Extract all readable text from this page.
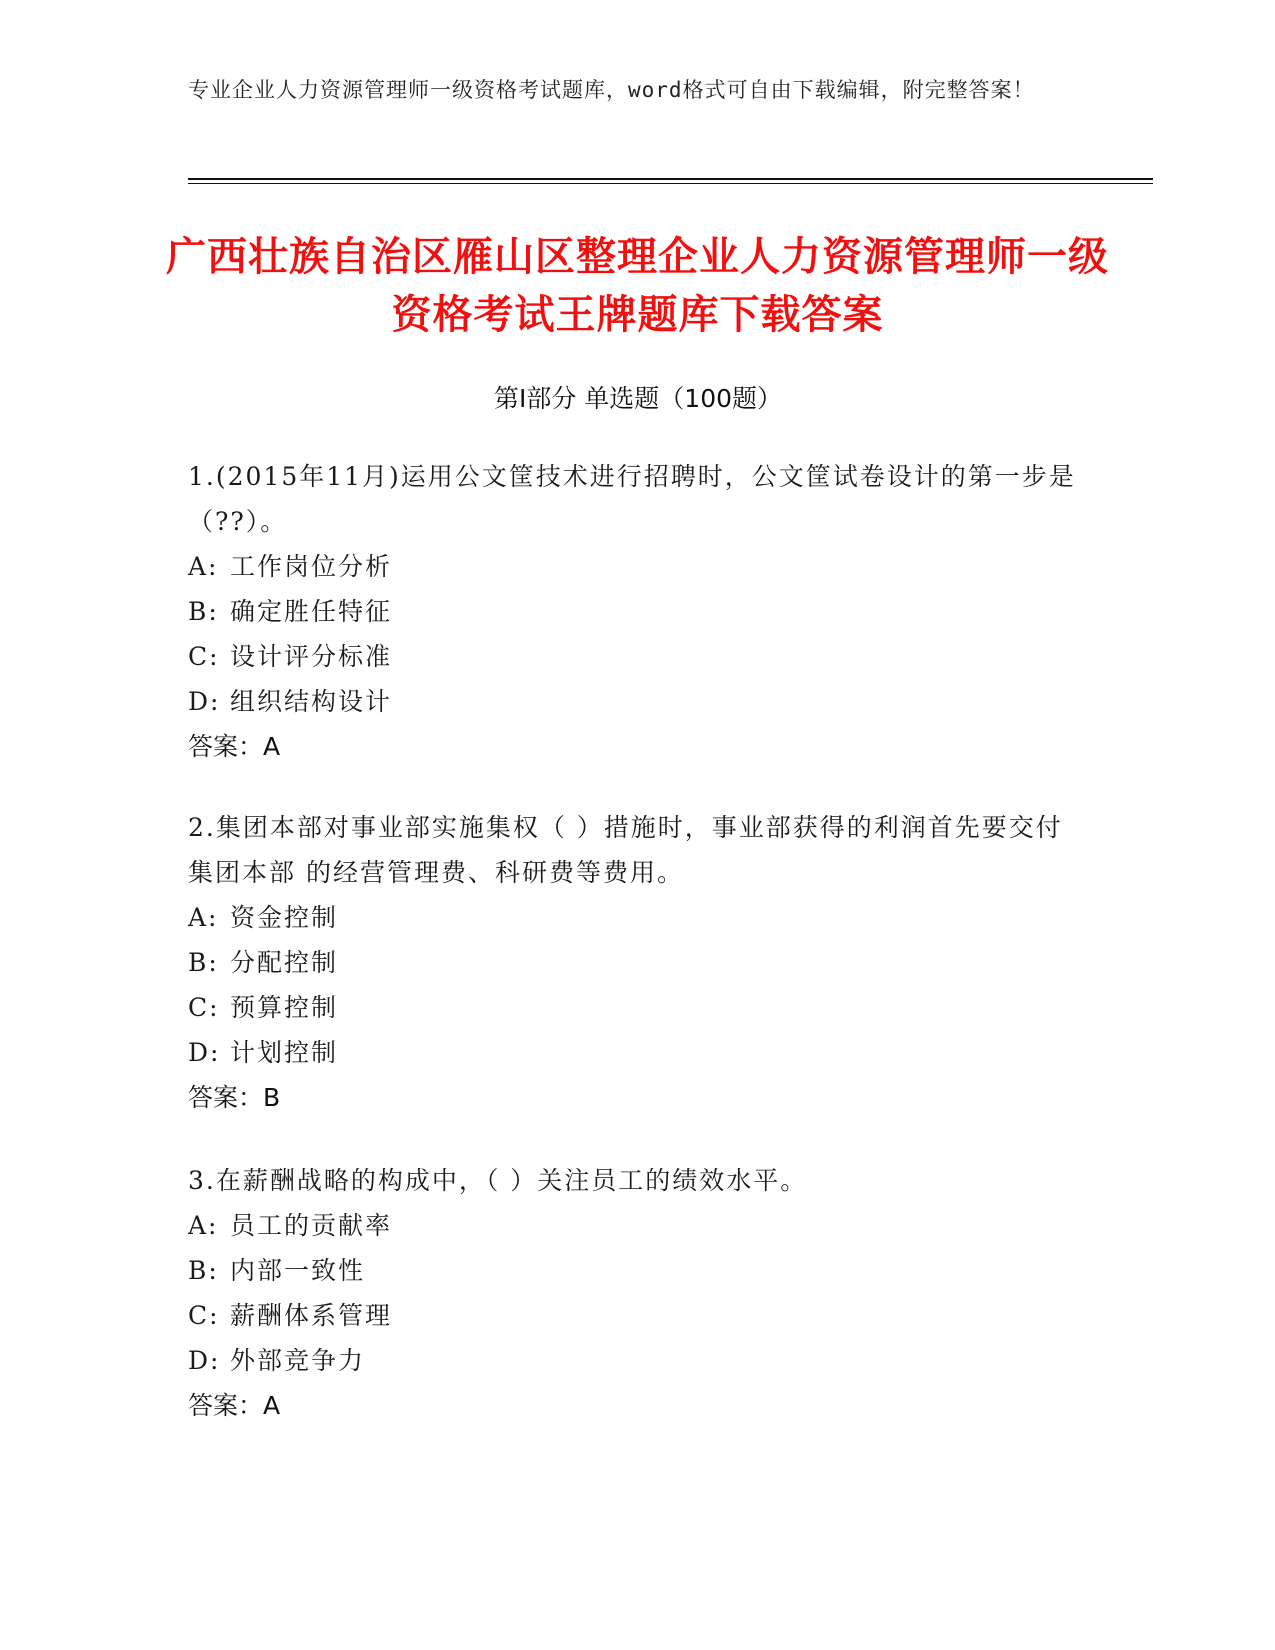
专业企业人力资源管理师一级资格考试题库，word格式可自由下载编辑，附完整答案！
广西壮族自治区雁山区整理企业人力资源管理师一级资格考试王牌题库下载答案
第Ⅰ部分 单选题（100题）
1.(2015年11月)运用公文筐技术进行招聘时，公文筐试卷设计的第一步是（??）。
A: 工作岗位分析
B: 确定胜任特征
C: 设计评分标准
D: 组织结构设计
答案：A
2.集团本部对事业部实施集权（ ）措施时，事业部获得的利润首先要交付集团本部 的经营管理费、科研费等费用。
A: 资金控制
B: 分配控制
C: 预算控制
D: 计划控制
答案：B
3.在薪酬战略的构成中，（ ）关注员工的绩效水平。
A: 员工的贡献率
B: 内部一致性
C: 薪酬体系管理
D: 外部竞争力
答案：A
